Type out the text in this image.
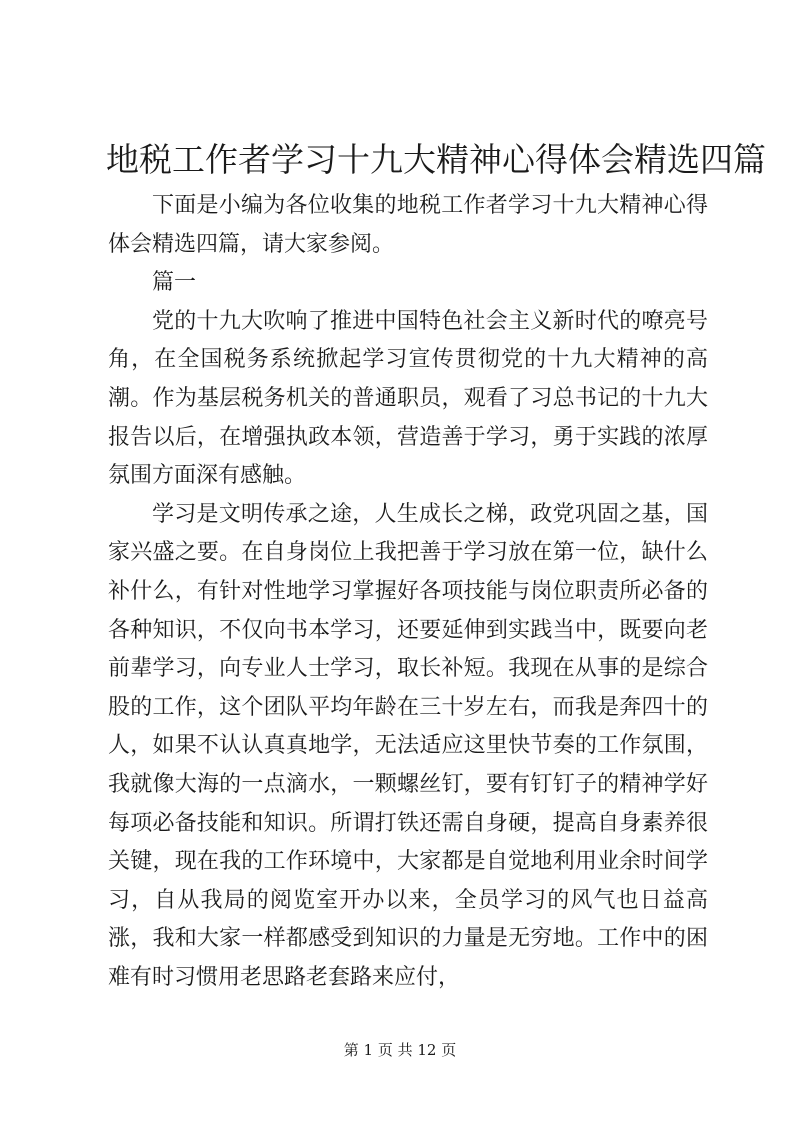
地税工作者学习十九大精神心得体会精选四篇

下面是小编为各位收集的地税工作者学习十九大精神心得体会精选四篇，请大家参阅。

篇一

党的十九大吹响了推进中国特色社会主义新时代的嘹亮号角，在全国税务系统掀起学习宣传贯彻党的十九大精神的高潮。作为基层税务机关的普通职员，观看了习总书记的十九大报告以后，在增强执政本领，营造善于学习，勇于实践的浓厚氛围方面深有感触。

学习是文明传承之途，人生成长之梯，政党巩固之基，国家兴盛之要。在自身岗位上我把善于学习放在第一位，缺什么补什么，有针对性地学习掌握好各项技能与岗位职责所必备的各种知识，不仅向书本学习，还要延伸到实践当中，既要向老前辈学习，向专业人士学习，取长补短。我现在从事的是综合股的工作，这个团队平均年龄在三十岁左右，而我是奔四十的人，如果不认认真真地学，无法适应这里快节奏的工作氛围，我就像大海的一点滴水，一颗螺丝钉，要有钉钉子的精神学好每项必备技能和知识。所谓打铁还需自身硬，提高自身素养很关键，现在我的工作环境中，大家都是自觉地利用业余时间学习，自从我局的阅览室开办以来，全员学习的风气也日益高涨，我和大家一样都感受到知识的力量是无穷地。工作中的困难有时习惯用老思路老套路来应付，

第 1 页 共 12 页
